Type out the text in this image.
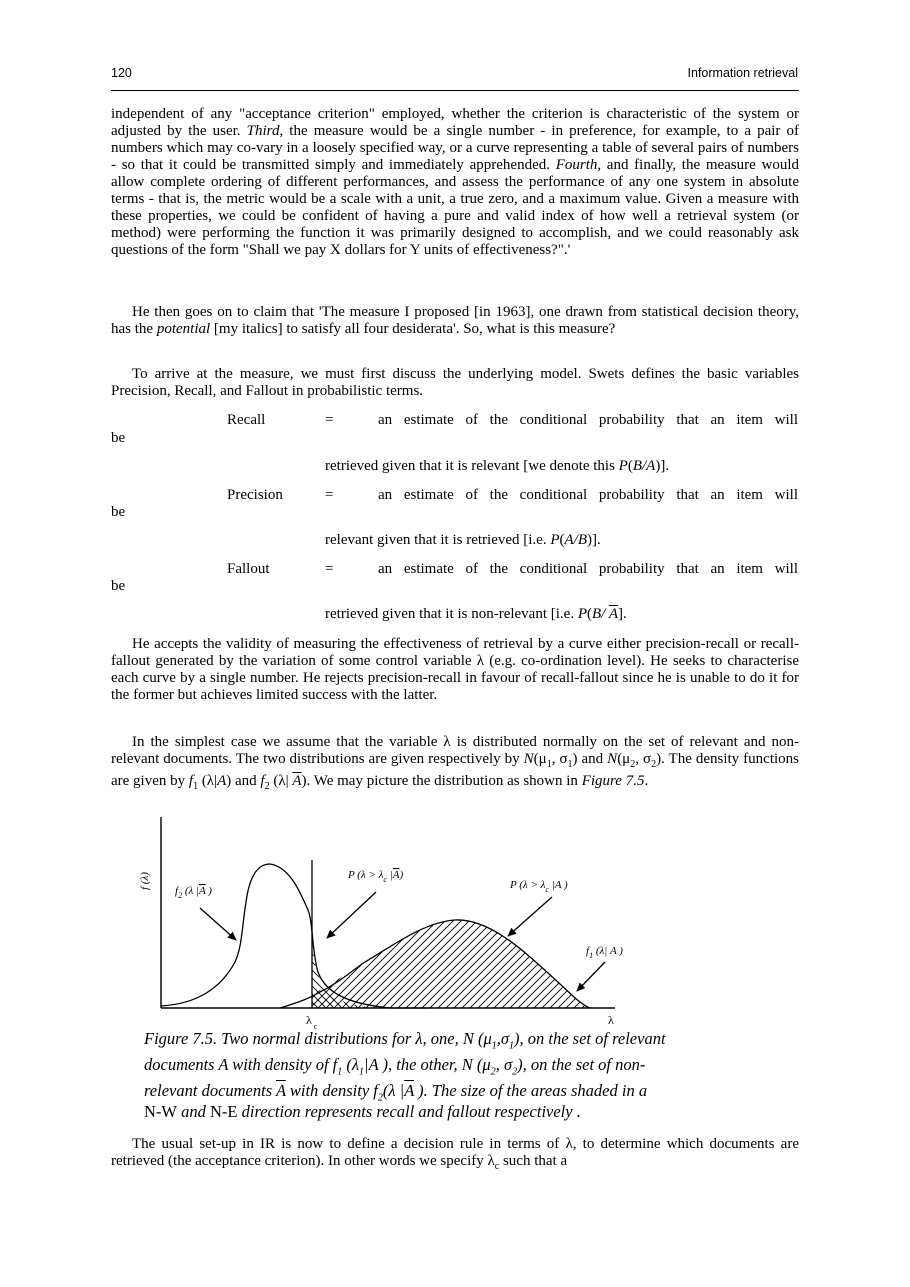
120	Information retrieval

independent of any "acceptance criterion" employed, whether the criterion is characteristic of the system or adjusted by the user. Third, the measure would be a single number - in preference, for example, to a pair of numbers which may co-vary in a loosely specified way, or a curve representing a table of several pairs of numbers - so that it could be transmitted simply and immediately apprehended. Fourth, and finally, the measure would allow complete ordering of different performances, and assess the performance of any one system in absolute terms - that is, the metric would be a scale with a unit, a true zero, and a maximum value. Given a measure with these properties, we could be confident of having a pure and valid index of how well a retrieval system (or method) were performing the function it was primarily designed to accomplish, and we could reasonably ask questions of the form "Shall we pay X dollars for Y units of effectiveness?".'

He then goes on to claim that 'The measure I proposed [in 1963], one drawn from statistical decision theory, has the potential [my italics] to satisfy all four desiderata'. So, what is this measure?

To arrive at the measure, we must first discuss the underlying model. Swets defines the basic variables Precision, Recall, and Fallout in probabilistic terms.

Recall	=	an estimate of the conditional probability that an item will
be
retrieved given that it is relevant [we denote this P(B/A)].
Precision	=	an estimate of the conditional probability that an item will
be
relevant given that it is retrieved [i.e. P(A/B)].
Fallout	=	an estimate of the conditional probability that an item will
be
retrieved given that it is non-relevant [i.e. P(B/ $\overline{A}$].

He accepts the validity of measuring the effectiveness of retrieval by a curve either precision-recall or recall-fallout generated by the variation of some control variable λ (e.g. co-ordination level). He seeks to characterise each curve by a single number. He rejects precision-recall in favour of recall-fallout since he is unable to do it for the former but achieves limited success with the latter.

In the simplest case we assume that the variable λ is distributed normally on the set of relevant and non-relevant documents. The two distributions are given respectively by $N(\mu_1$, $\sigma_1$) and $N(\mu_2$, $\sigma_2$). The density functions are given by $f_1$ (λ|A) and $f_2$ (λ| $\overline{A}$). We may picture the distribution as shown in Figure 7.5.

f (λ)
$f_2$ (λ |A )
P ($\lambda > \lambda_c$ |A)
P ($\lambda > \lambda_c$ |A )
$f_1$ (λ| A )
λ $_c$	λ
Figure 7.5. Two normal distributions for λ, one, N $(\mu_1,\sigma_1)$, on the set of relevant
documents A with density of $f_1$ ($\lambda_1|A$ ), the other, N ($\mu_2$, $\sigma_2$), on the set of non-
relevant documents $\overline{A}$ with density $f_2(\lambda$ $|\overline{A}$ ). The size of the areas shaded in a
N-W and N-E direction represents recall and fallout respectively .

The usual set-up in IR is now to define a decision rule in terms of λ, to determine which documents are retrieved (the acceptance criterion). In other words we specify $\lambda_c$ such that a
